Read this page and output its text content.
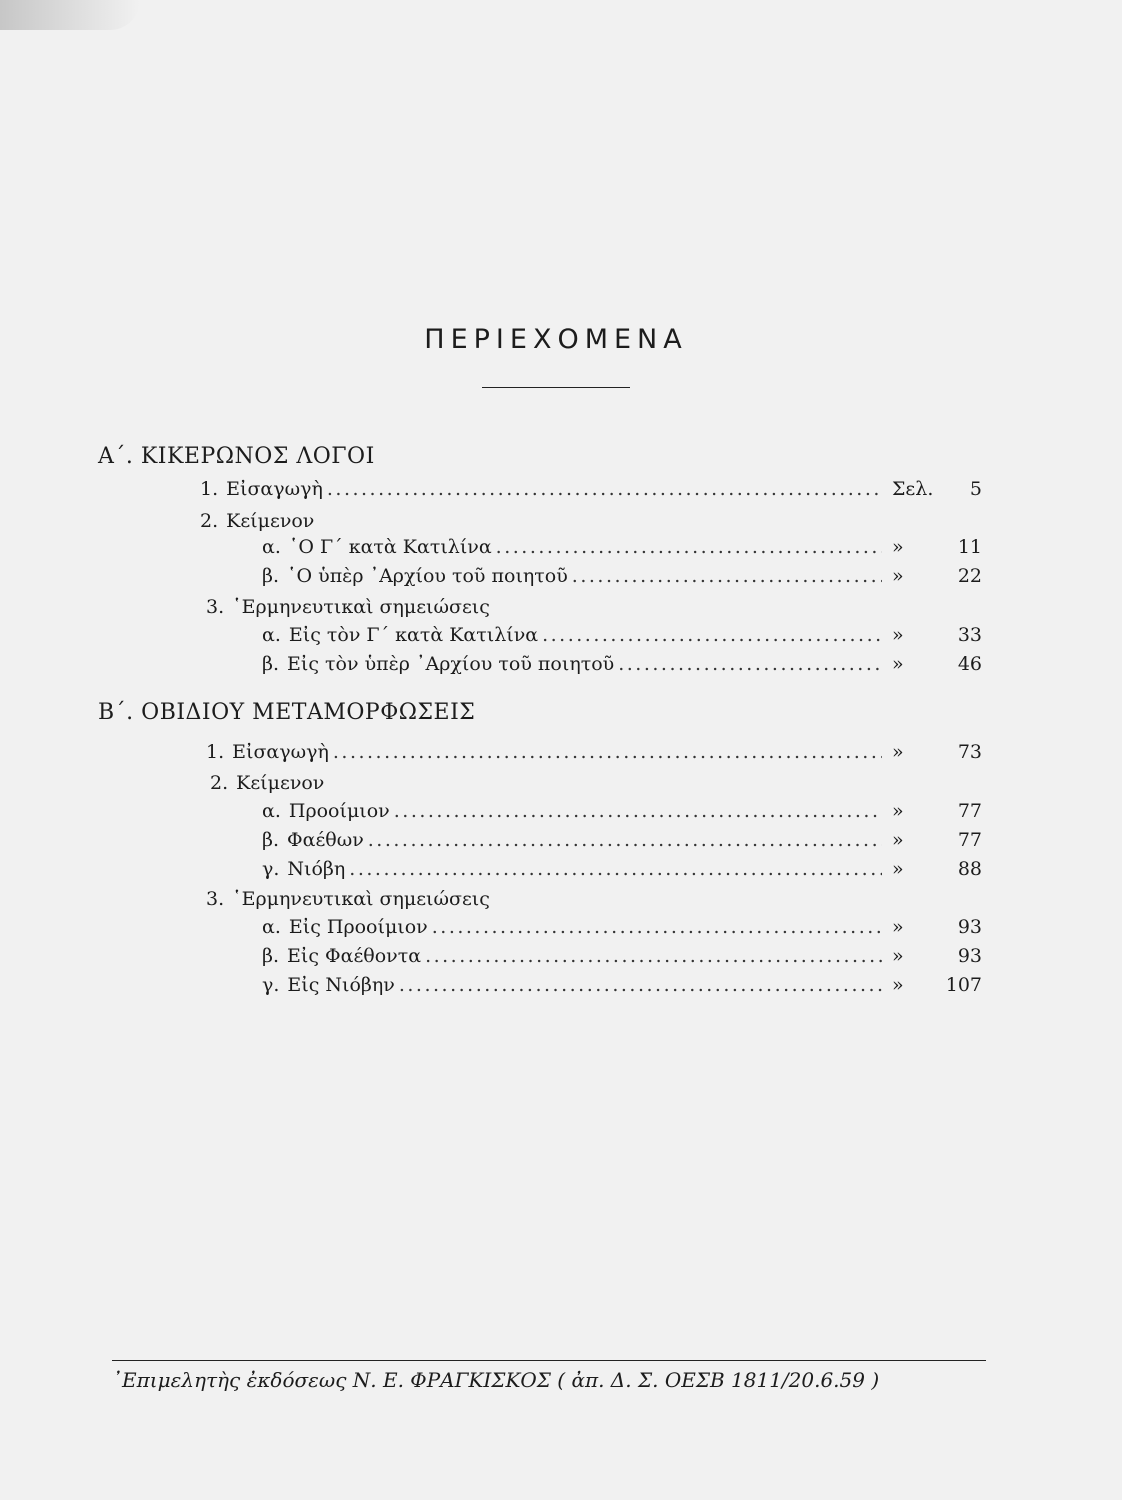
ΠΕΡΙΕΧΟΜΕΝΑ
Α΄. ΚΙΚΕΡΩΝΟΣ ΛΟΓΟΙ
1. Εἰσαγωγὴ .....	Σελ.	5
2. Κείμενον
α. ῾Ο Γ΄ κατὰ Κατιλίνα .....	»	11
β. ῾Ο ὑπὲρ ᾿Αρχίου τοῦ ποιητοῦ .....	»	22
3. ῾Ερμηνευτικαὶ σημειώσεις
α. Εἰς τὸν Γ΄ κατὰ Κατιλίνα .....	»	33
β. Εἰς τὸν ὑπὲρ ᾿Αρχίου τοῦ ποιητοῦ .....	»	46
Β΄. ΟΒΙΔΙΟΥ ΜΕΤΑΜΟΡΦΩΣΕΙΣ
1. Εἰσαγωγὴ .....	»	73
2. Κείμενον
α. Προοίμιον .....	»	77
β. Φαέθων .....	»	77
γ. Νιόβη .....	»	88
3. ῾Ερμηνευτικαὶ σημειώσεις
α. Εἰς Προοίμιον .....	»	93
β. Εἰς Φαέθοντα .....	»	93
γ. Εἰς Νιόβην .....	»	107
᾿Επιμελητὴς ἐκδόσεως Ν. Ε. ΦΡΑΓΚΙΣΚΟΣ ( ἀπ. Δ. Σ. ΟΕΣΒ 1811/20.6.59 )
